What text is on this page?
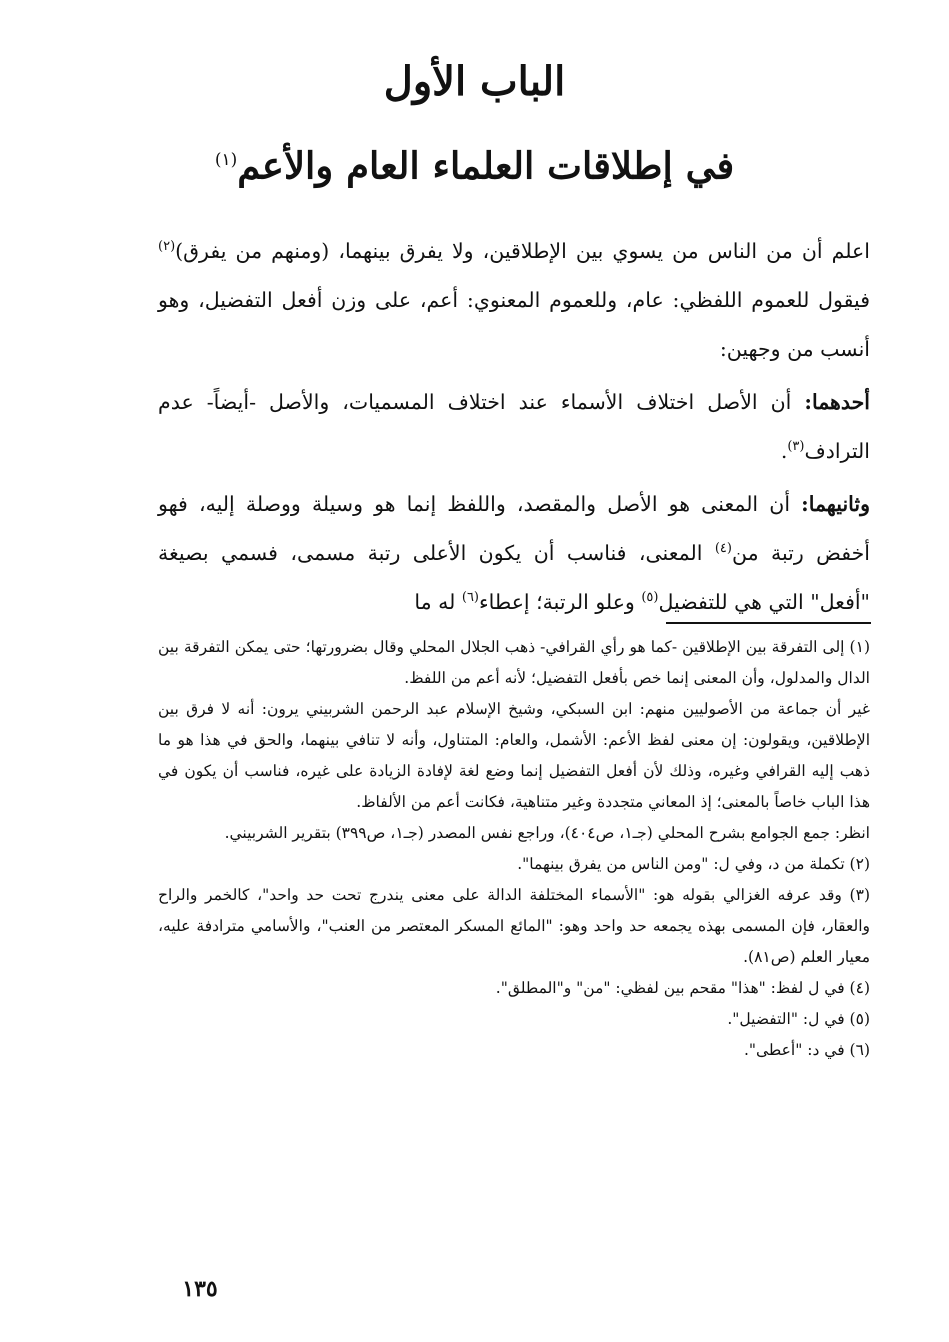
الباب الأول
في إطلاقات العلماء العام والأعم$^{(١)}$
اعلم أن من الناس من يسوي بين الإطلاقين، ولا يفرق بينهما، (ومنهم من يفرق)$^{(٢)}$ فيقول للعموم اللفظي: عام، وللعموم المعنوي: أعم، على وزن أفعل التفضيل، وهو أنسب من وجهين:
أحدهما: أن الأصل اختلاف الأسماء عند اختلاف المسميات، والأصل -أيضاً- عدم الترادف$^{(٣)}$.
وثانيهما: أن المعنى هو الأصل والمقصد، واللفظ إنما هو وسيلة ووصلة إليه، فهو أخفض رتبة من$^{(٤)}$ المعنى، فناسب أن يكون الأعلى رتبة مسمى، فسمي بصيغة "أفعل" التي هي للتفضيل$^{(٥)}$ وعلو الرتبة؛ إعطاء$^{(٦)}$ له ما

(١) إلى التفرقة بين الإطلاقين -كما هو رأي القرافي- ذهب الجلال المحلي وقال بضرورتها؛ حتى يمكن التفرقة بين الدال والمدلول، وأن المعنى إنما خص بأفعل التفضيل؛ لأنه أعم من اللفظ.

غير أن جماعة من الأصوليين منهم: ابن السبكي، وشيخ الإسلام عبد الرحمن الشربيني يرون: أنه لا فرق بين الإطلاقين، ويقولون: إن معنى لفظ الأعم: الأشمل، والعام: المتناول، وأنه لا تنافي بينهما، والحق في هذا هو ما ذهب إليه القرافي وغيره، وذلك لأن أفعل التفضيل إنما وضع لغة لإفادة الزيادة على غيره، فناسب أن يكون في هذا الباب خاصاً بالمعنى؛ إذ المعاني متجددة وغير متناهية، فكانت أعم من الألفاظ.

انظر: جمع الجوامع بشرح المحلي (جـ١، ص٤٠٤)، وراجع نفس المصدر (جـ١، ص٣٩٩) بتقرير الشربيني.

(٢) تكملة من د، وفي ل: "ومن الناس من يفرق بينهما".

(٣) وقد عرفه الغزالي بقوله هو: "الأسماء المختلفة الدالة على معنى يندرج تحت حد واحد"، كالخمر والراح والعقار، فإن المسمى بهذه يجمعه حد واحد وهو: "المائع المسكر المعتصر من العنب"، والأسامي مترادفة عليه، معيار العلم (ص٨١).

(٤) في ل لفظ: "هذا" مقحم بين لفظي: "من" و"المطلق".

(٥) في ل: "التفضيل".

(٦) في د: "أعطى".

١٣٥
